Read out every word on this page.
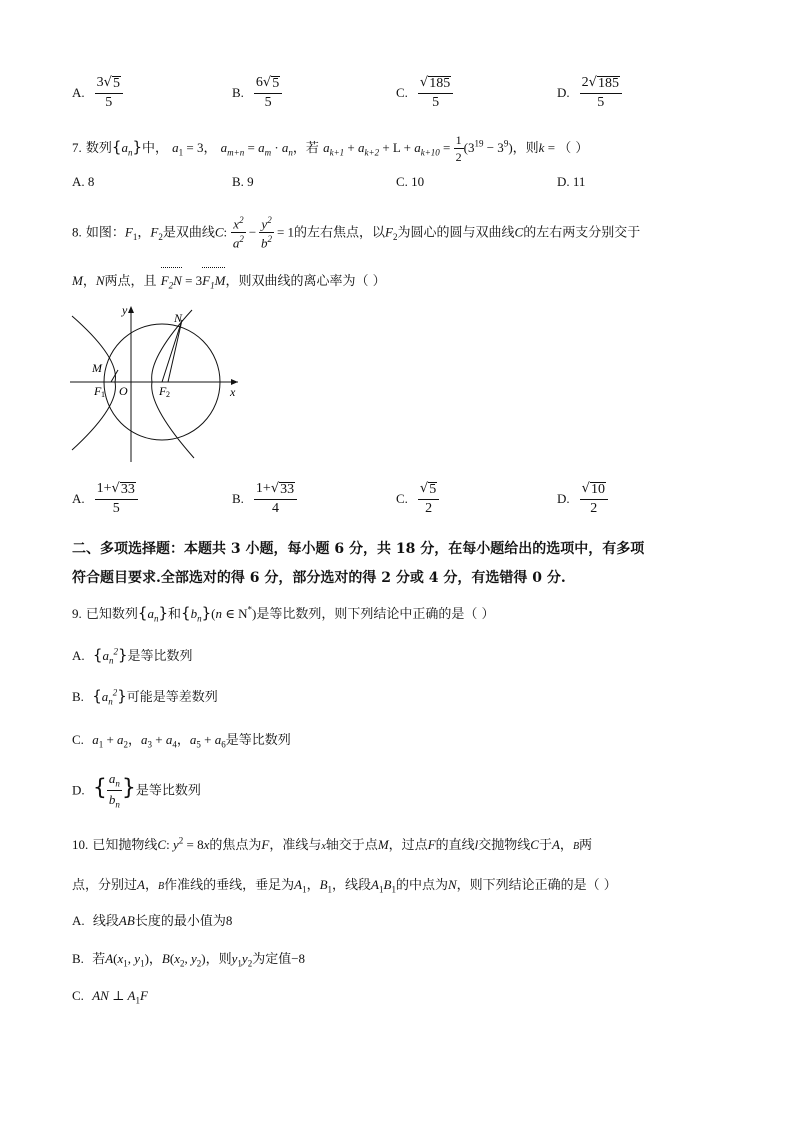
A. $\frac{3 √ 5}{5}$	B. $\frac{6 √ 5}{5}$	C. $\frac{√ 185}{5}$	D. $\frac{2 √ 185}{5}$
7. 数列$\{a_n\}$中， $a_1 = 3$， $a_{m+n} = a_m \cdot a_n$，若 $a_{k+1} + a_{k+2} + L + a_{k+10} = \frac{1}{2} (3^{19} - 3^9)$，则k = （ ）
A. 8	B. 9	C. 10	D. 11
8. 如图：$F_1$，$F_2$是双曲线C: $\frac{x^2}{a^2} - \frac{y^2}{b^2} = 1$的左右焦点，以$F_2$为圆心的圆与双曲线C的左右两支分别交于
M，N两点，且 $F_2N$
= $3F_1M$
，则双曲线的离心率为（ ）
y
x
N
M
O
F 1	F 2
A. $\frac{1+ √ 33}{5}$	B. $\frac{1+ √ 33}{4}$	C. $\frac{√ 5}{2}$	D. $\frac{√ 10}{2}$
二、多项选择题：本题共 3 小题，每小题 6 分，共 18 分，在每小题给出的选项中，有多项
符合题目要求.全部选对的得 6 分，部分选对的得 2 分或 4 分，有选错得 0 分.
9. 已知数列$\{a_n\}$和$\{b_n\}(n$ ∈ N*)是等比数列，则下列结论中正确的是（ ）
A. $\{a_n^2\}$是等比数列
B. $\{a_n^2\}$可能是等差数列
C. $a_1 + a_2$，$a_3 + a_4$，$a_5 + a_6$是等比数列
D. { $\frac{a_n}{b_n}$ }是等比数列
10. 已知抛物线C: $y^2 = 8x$的焦点为F，准线与x轴交于点M，过点F的直线l交抛物线C于A，B两
点，分别过A，B作准线的垂线，垂足为$A_1$，$B_1$，线段$A_1B_1$的中点为N，则下列结论正确的是（ ）
A. 线段AB长度的最小值为8
B. 若$A(x_1$, $y_1$)，$B(x_2$, $y_2$)，则$y_1y_2$为定值−8
C. AN ⊥ $A_1F$
